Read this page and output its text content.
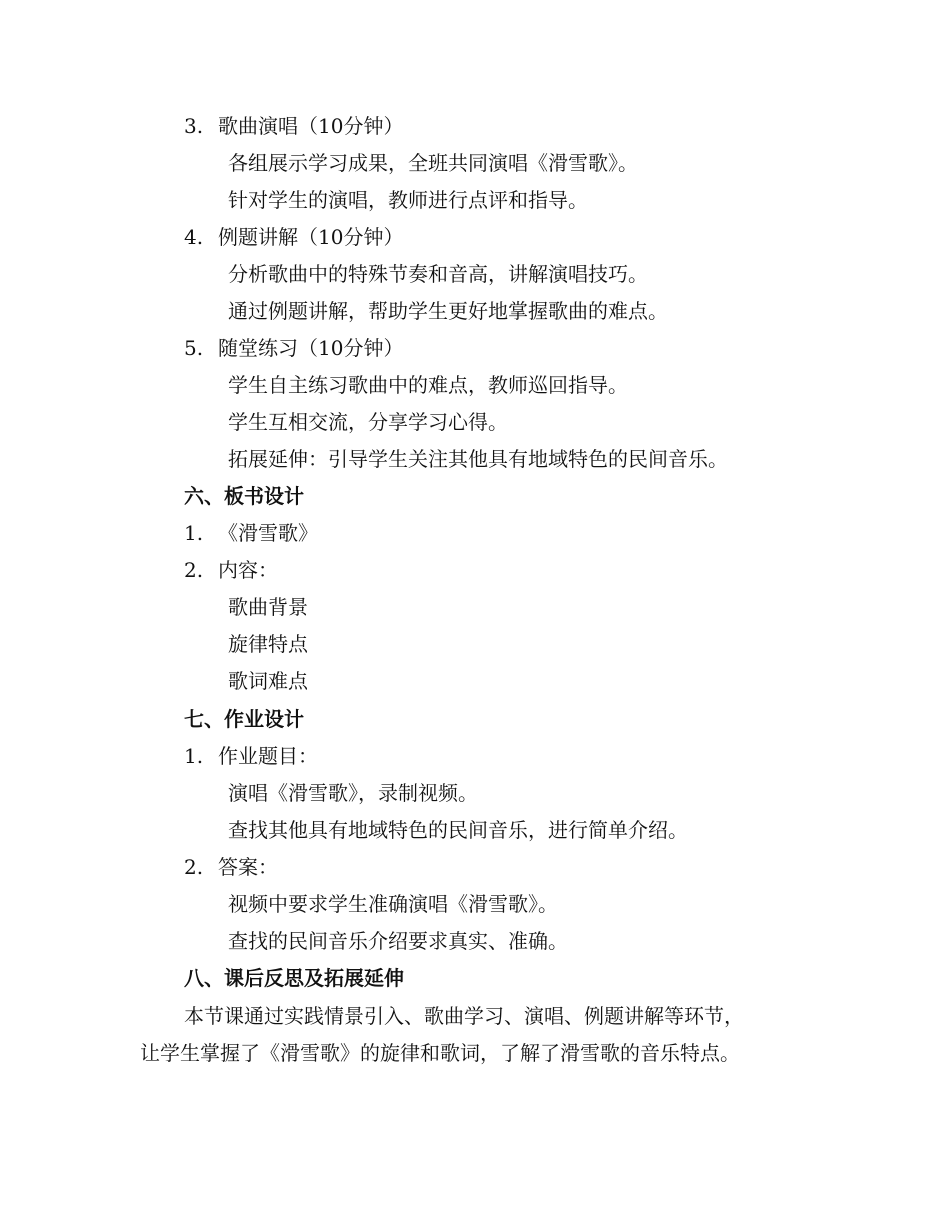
3. 歌曲演唱（10分钟）
各组展示学习成果，全班共同演唱《滑雪歌》。
针对学生的演唱，教师进行点评和指导。
4. 例题讲解（10分钟）
分析歌曲中的特殊节奏和音高，讲解演唱技巧。
通过例题讲解，帮助学生更好地掌握歌曲的难点。
5. 随堂练习（10分钟）
学生自主练习歌曲中的难点，教师巡回指导。
学生互相交流，分享学习心得。
拓展延伸：引导学生关注其他具有地域特色的民间音乐。
六、板书设计
1. 《滑雪歌》
2. 内容：
歌曲背景
旋律特点
歌词难点
七、作业设计
1. 作业题目：
演唱《滑雪歌》，录制视频。
查找其他具有地域特色的民间音乐，进行简单介绍。
2. 答案：
视频中要求学生准确演唱《滑雪歌》。
查找的民间音乐介绍要求真实、准确。
八、课后反思及拓展延伸
本节课通过实践情景引入、歌曲学习、演唱、例题讲解等环节，
让学生掌握了《滑雪歌》的旋律和歌词，了解了滑雪歌的音乐特点。
